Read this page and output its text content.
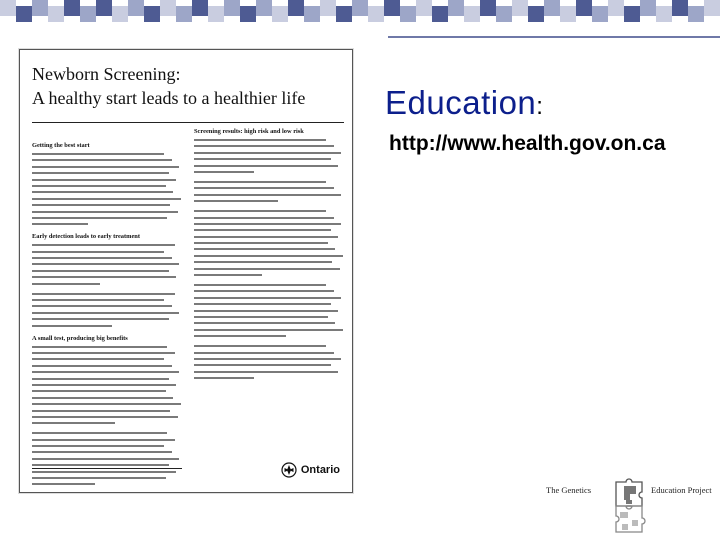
Education:
http://www.health.gov.on.ca
Newborn Screening:
A healthy start leads to a healthier life
Getting the best start
Early detection leads to early treatment
A small test, producing big benefits
Screening results: high risk and low risk
Ontario
The Genetics	Education Project
